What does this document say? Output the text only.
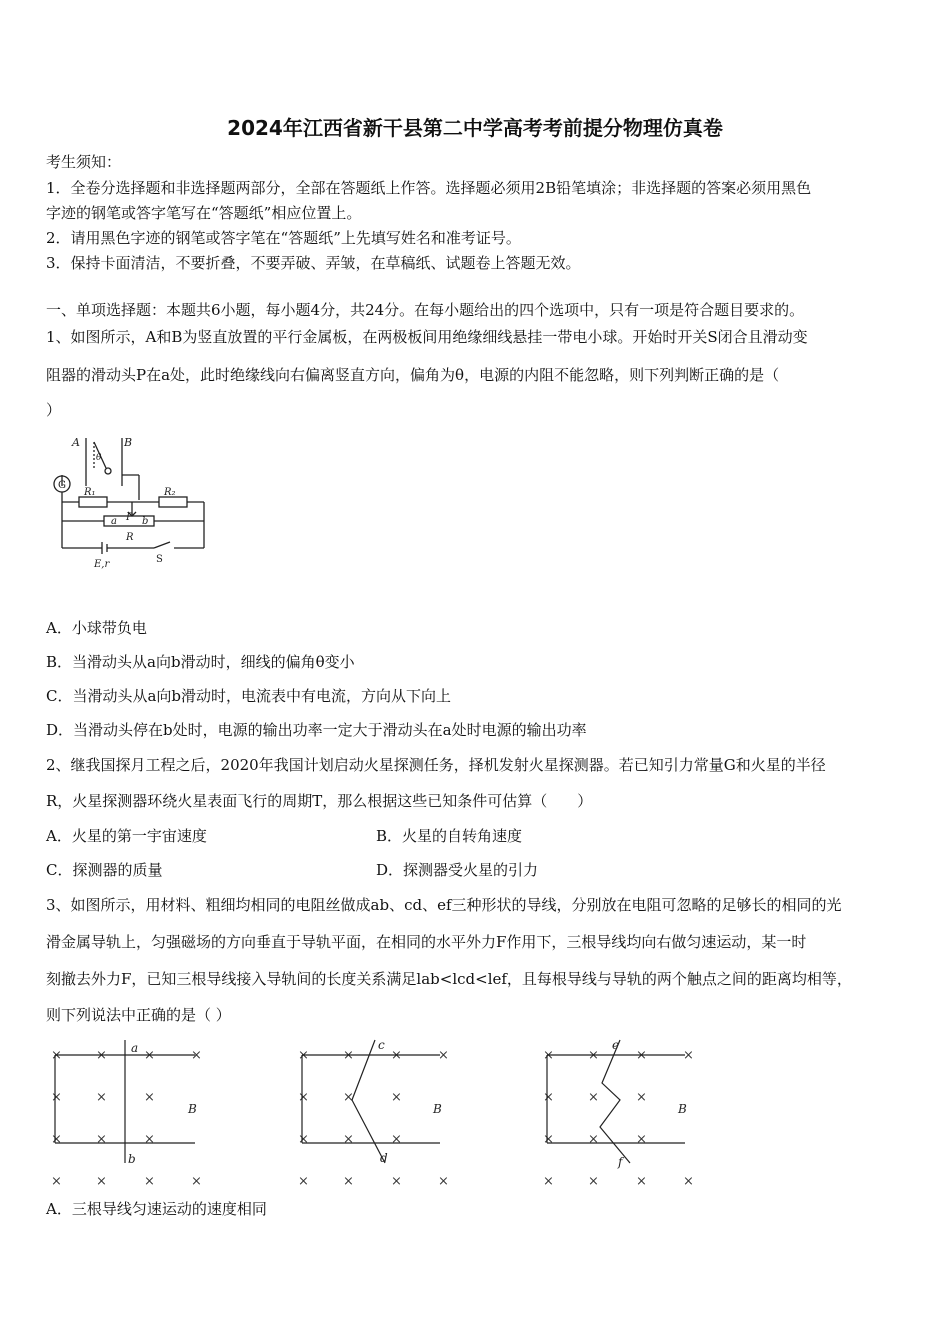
2024年江西省新干县第二中学高考考前提分物理仿真卷
考生须知：
1．全卷分选择题和非选择题两部分，全部在答题纸上作答。选择题必须用2B铅笔填涂；非选择题的答案必须用黑色
字迹的钢笔或答字笔写在“答题纸”相应位置上。
2．请用黑色字迹的钢笔或答字笔在“答题纸”上先填写姓名和准考证号。
3．保持卡面清洁，不要折叠，不要弄破、弄皱，在草稿纸、试题卷上答题无效。
一、单项选择题：本题共6小题，每小题4分，共24分。在每小题给出的四个选项中，只有一项是符合题目要求的。
1、如图所示，A和B为竖直放置的平行金属板，在两极板间用绝缘细线悬挂一带电小球。开始时开关S闭合且滑动变
阻器的滑动头P在a处，此时绝缘线向右偏离竖直方向，偏角为θ，电源的内阻不能忽略，则下列判断正确的是（
）
A	B
θ
G
R₁	R₂
a P b
R
E,r	S
A．小球带负电
B．当滑动头从a向b滑动时，细线的偏角θ变小
C．当滑动头从a向b滑动时，电流表中有电流，方向从下向上
D．当滑动头停在b处时，电源的输出功率一定大于滑动头在a处时电源的输出功率
2、继我国探月工程之后，2020年我国计划启动火星探测任务，择机发射火星探测器。若已知引力常量G和火星的半径
R，火星探测器环绕火星表面飞行的周期T，那么根据这些已知条件可估算（　　）
A．火星的第一宇宙速度	B．火星的自转角速度
C．探测器的质量	D．探测器受火星的引力
3、如图所示，用材料、粗细均相同的电阻丝做成ab、cd、ef三种形状的导线，分别放在电阻可忽略的足够长的相同的光
滑金属导轨上，匀强磁场的方向垂直于导轨平面，在相同的水平外力F作用下，三根导线均向右做匀速运动，某一时
刻撤去外力F，已知三根导线接入导轨间的长度关系满足lab<lcd<lef，且每根导线与导轨的两个触点之间的距离均相等，
则下列说法中正确的是（ ）
×	×	×	×
×	×	×
×	×	×
×	×	×	×
×	×	×	×
×	×	×
×	×	×
×	×	×	×
×	×	×	×
×	×	×
×	×	×
×	×	×	×
a
b
c
d
e
f
B	B	B
A．三根导线匀速运动的速度相同
